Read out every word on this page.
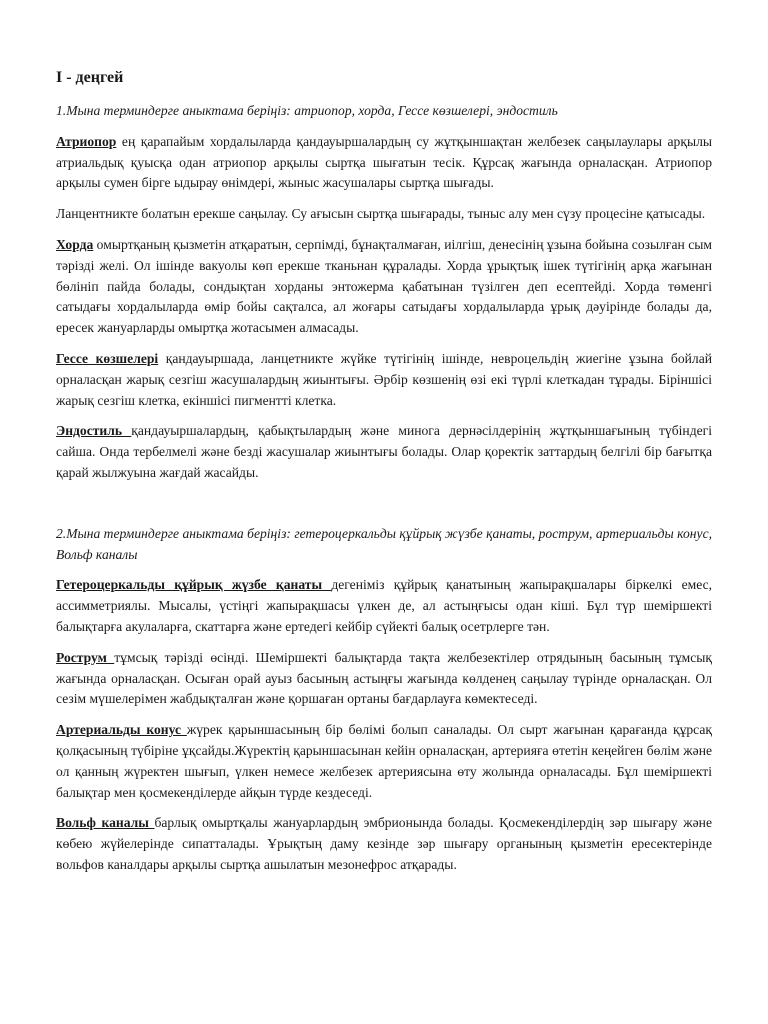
I - деңгей

1.Мына терминдерге аныктама беріңіз: атриопор, хорда, Гессе көзшелері, эндостиль

Атриопор ең қарапайым хордалыларда қандауыршалардың су жұтқыншақтан желбезек саңылаулары арқылы атриальдық қуысқа одан атриопор арқылы сыртқа шығатын тесік. Құрсақ жағында орналасқан. Атриопор арқылы сумен бірге ыдырау өнімдері, жыныс жасушалары сыртқа шығады.

Ланцентникте болатын ерекше саңылау. Су ағысын сыртқа шығарады, тыныс алу мен сүзу процесіне қатысады.

Хорда омыртқаның қызметін атқаратын, серпімді, бұнақталмаған, иілгіш, денесінің ұзына бойына созылған сым тәрізді желі. Ол ішінде вакуолы көп ерекше тканьнан құралады. Хорда ұрықтық ішек түтігінің арқа жағынан бөлiнiп пайда болады, сондықтан хорданы энтожерма қабатынан түзілген деп есептейді. Хорда төменгі сатыдағы хордалыларда өмір бойы сақталса, ал жоғары сатыдағы хордалыларда ұрық дәуірінде болады да, ересек жануарларды омыртқа жотасымен алмасады.

Гессе көзшелері қандауыршада, ланцетникте жүйке түтігінің ішінде, невроцельдің жиегіне ұзына бойлай орналасқан жарық сезгіш жасушалардың жиынтығы. Әрбір көзшенің өзі екі түрлі клеткадан тұрады. Біріншісі жарық сезгіш клетка, екіншісі пигментті клетка.

Эндостиль қандауыршалардың, қабықтылардың және минога дернәсілдерінің жұтқыншағының түбіндегі сайша. Онда тербелмелі және безді жасушалар жиынтығы болады. Олар қоректік заттардың белгілі бір бағытқа қарай жылжуына жағдай жасайды.

2.Мына терминдерге аныктама беріңіз: гетероцеркальды құйрық жүзбе қанаты, рострум, артериальды конус, Вольф каналы

Гетероцеркальды құйрық жүзбе қанаты дегеніміз құйрық қанатының жапырақшалары біркелкі емес, ассимметриялы. Мысалы, үстіңгі жапырақшасы үлкен де, ал астыңғысы одан кіші. Бұл түр шеміршекті балықтарға акулаларға, скаттарға және ертедегі кейбір сүйекті балық осетрлерге тән.

Рострум тұмсық тәрізді өсінді. Шеміршекті балықтарда тақта желбезектілер отрядының басының тұмсық жағында орналасқан. Осыған орай ауыз басының астыңғы жағында көлденең саңылау түрінде орналасқан. Ол сезім мүшелерімен жабдықталған және қоршаған ортаны бағдарлауға көмектеседі.

Артериальды конус жүрек қарыншасының бір бөлімі болып саналады. Ол сырт жағынан қарағанда құрсақ қолқасының түбіріне ұқсайды.Жүректің қарыншасынан кейін орналасқан, артерияға өтетін кеңейген бөлім және ол қанның жүректен шығып, үлкен немесе желбезек артериясына өту жолында орналасады. Бұл шеміршекті балықтар мен қосмекенділерде айқын түрде кездеседі.

Вольф каналы барлық омыртқалы жануарлардың эмбрионында болады. Қосмекенділердің зәр шығару және көбею жүйелерінде сипатталады. Ұрықтың даму кезінде зәр шығару органының қызметін ересектерінде вольфов каналдары арқылы сыртқа ашылатын мезонефрос атқарады.
